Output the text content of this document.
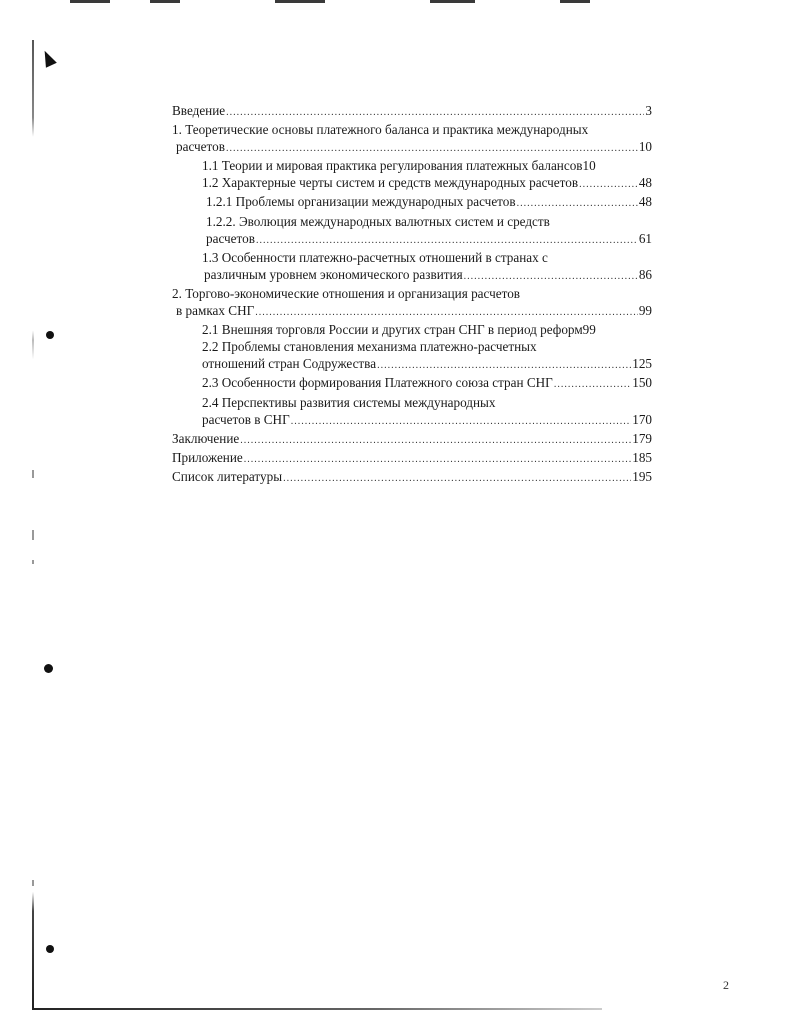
Введение .....	3
1. Теоретические основы платежного баланса и практика международных
расчетов .....	10
1.1 Теории и мировая практика регулирования платежных балансов 10
1.2 Характерные черты систем и средств международных расчетов .....	48
1.2.1 Проблемы организации международных расчетов .....	48
1.2.2. Эволюция международных валютных систем и средств
расчетов .....	61
1.3 Особенности платежно-расчетных отношений в странах с
различным уровнем экономического развития .....	86
2. Торгово-экономические отношения и организация расчетов
в рамках СНГ .....	99
2.1 Внешняя торговля России и других стран СНГ в период реформ 99
2.2 Проблемы становления механизма платежно-расчетных
отношений стран Содружества .....	125
2.3 Особенности формирования Платежного союза стран СНГ .....	150
2.4 Перспективы развития системы международных
расчетов в СНГ .....	170
Заключение .....	179
Приложение .....	185
Список литературы .....	195
2
